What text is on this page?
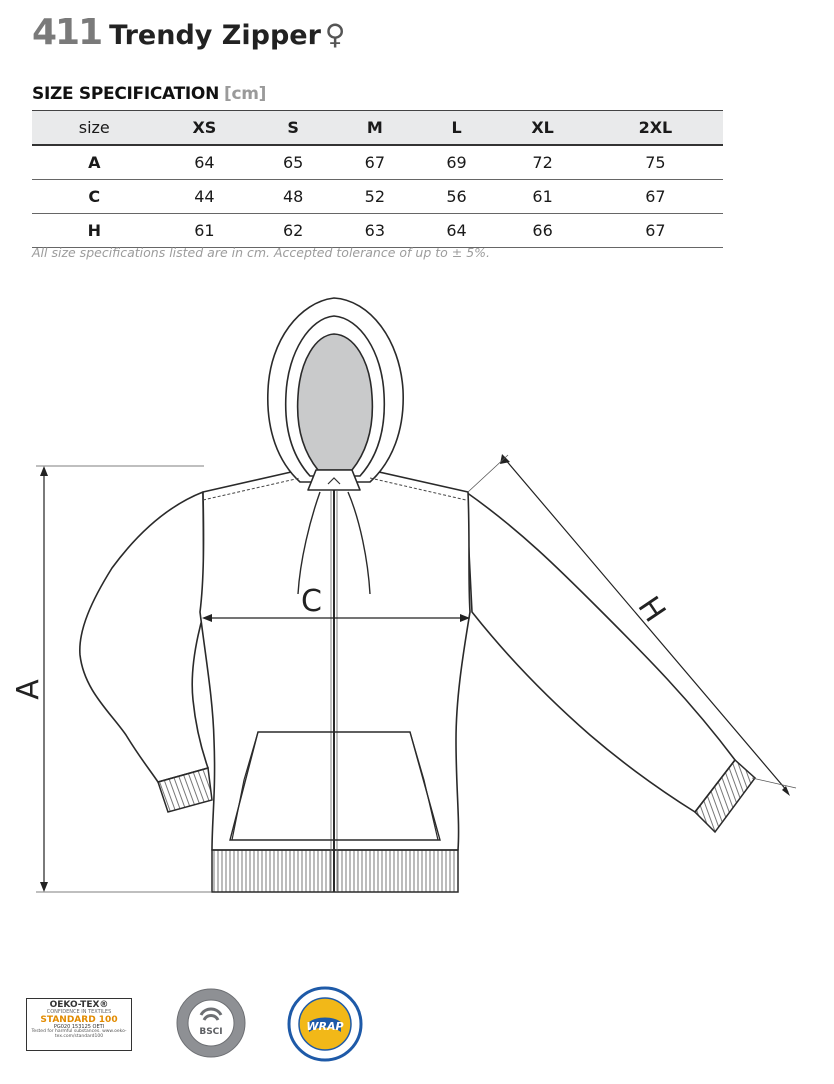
411 Trendy Zipper ♀
SIZE SPECIFICATION [cm]
size	XS	S	M	L	XL	2XL
A	64	65	67	69	72	75
C	44	48	52	56	61	67
H	61	62	63	64	66	67
All size specifications listed are in cm. Accepted tolerance of up to ± 5%.
A
C	H
OEKO-TEX®
CONFIDENCE IN TEXTILES
STANDARD 100
PG020 153125 OETI
Tested for harmful substances. www.oeko-tex.com/standard100	BSCI	WRAP
